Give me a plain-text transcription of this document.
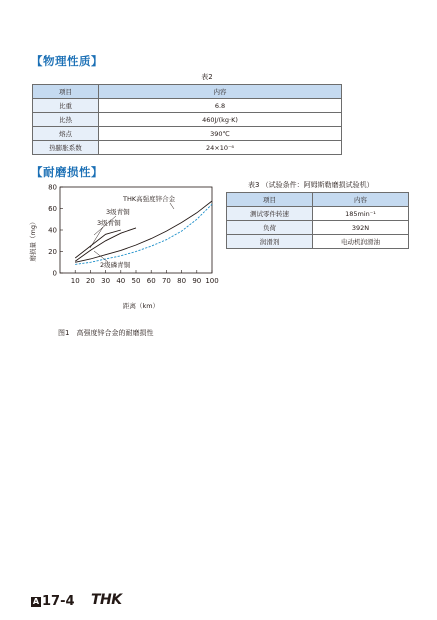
【物理性质】
表2
项目	内容
比重	6.8
比热	460J/(kg·K)
熔点	390℃
热膨胀系数	24×10⁻⁶
【耐磨损性】
磨损量（mg）
0
20
40
60
80
10 20 30 40 50 60 70 80 90 100
THK高强度锌合金
3级青铜
3级青铜
2级磷青铜
距离（km）
图1　高强度锌合金的耐磨损性
表3 （试验条件：阿姆斯勒磨损试验机）
项目	内容
测试零件转速	185min⁻¹
负荷	392N
润滑剂	电动机润滑油
A 17-4 THK
